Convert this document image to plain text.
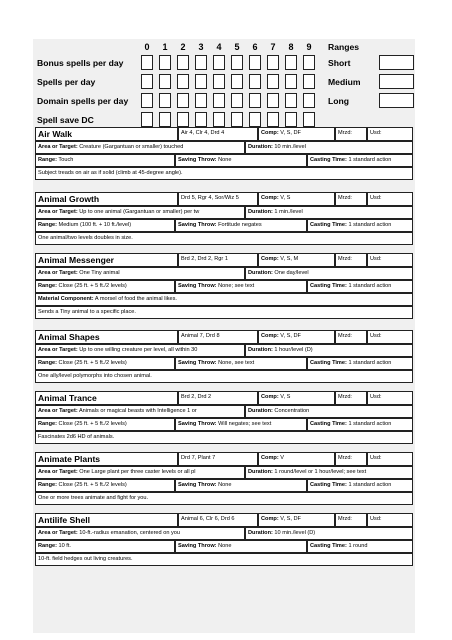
0	1	2	3	4	5	6	7	8	9	Ranges
Bonus spells per day	Short
Spells per day	Medium
Domain spells per day	Long
Spell save DC
Air Walk	Air 4, Clr 4, Drd 4	Comp: V, S, DF	Mrzd:	Usd:
Area or Target: Creature (Gargantuan or smaller) touched	Duration: 10 min./level
Range: Touch	Saving Throw: None	Casting Time: 1 standard action
Subject treads on air as if solid (climb at 45-degree angle).
Animal Growth	Drd 5, Rgr 4, Sor/Wiz 5	Comp: V, S	Mrzd:	Usd:
Area or Target: Up to one animal (Gargantuan or smaller) per tw	Duration: 1 min./level
Range: Medium (100 ft. + 10 ft./level)	Saving Throw: Fortitude negates	Casting Time: 1 standard action
One animal/two levels doubles in size.
Animal Messenger	Brd 2, Drd 2, Rgr 1	Comp: V, S, M	Mrzd:	Usd:
Area or Target: One Tiny animal	Duration: One day/level
Range: Close (25 ft. + 5 ft./2 levels)	Saving Throw: None; see text	Casting Time: 1 standard action
Material Component: A morsel of food the animal likes.
Sends a Tiny animal to a specific place.
Animal Shapes	Animal 7, Drd 8	Comp: V, S, DF	Mrzd:	Usd:
Area or Target: Up to one willing creature per level, all within 30	Duration: 1 hour/level (D)
Range: Close (25 ft. + 5 ft./2 levels)	Saving Throw: None, see text	Casting Time: 1 standard action
One ally/level polymorphs into chosen animal.
Animal Trance	Brd 2, Drd 2	Comp: V, S	Mrzd:	Usd:
Area or Target: Animals or magical beasts with Intelligence 1 or	Duration: Concentration
Range: Close (25 ft. + 5 ft./2 levels)	Saving Throw: Will negates; see text	Casting Time: 1 standard action
Fascinates 2d6 HD of animals.
Animate Plants	Drd 7, Plant 7	Comp: V	Mrzd:	Usd:
Area or Target: One Large plant per three caster levels or all pl	Duration: 1 round/level or 1 hour/level; see text
Range: Close (25 ft. + 5 ft./2 levels)	Saving Throw: None	Casting Time: 1 standard action
One or more trees animate and fight for you.
Antilife Shell	Animal 6, Clr 6, Drd 6	Comp: V, S, DF	Mrzd:	Usd:
Area or Target: 10-ft.-radius emanation, centered on you	Duration: 10 min./level (D)
Range: 10 ft.	Saving Throw: None	Casting Time: 1 round
10-ft. field hedges out living creatures.
